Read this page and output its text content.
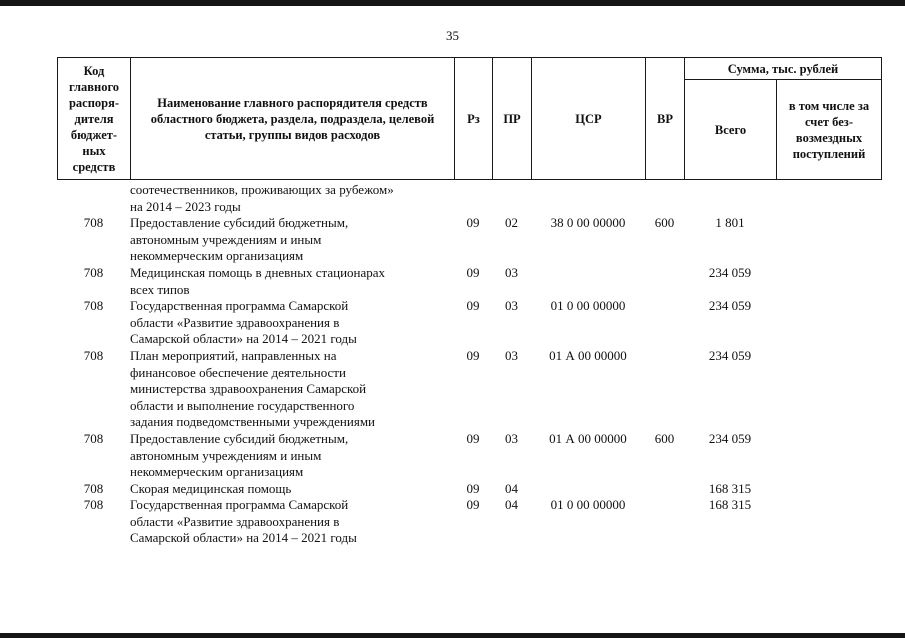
35
Код главного распоря-дителя бюджет-ных средств	Наименование главного распорядителя средств областного бюджета, раздела, подраздела, целевой статьи, группы видов расходов	Рз	ПР	ЦСР	ВР	Сумма, тыс. рублей	
						Всего	в том числе за счет без-возмездных поступлений

	соотечественников, проживающих за рубежом»
на 2014 – 2023 годы						

708	Предоставление субсидий бюджетным,
автономным учреждениям и иным
некоммерческим организациям	09	02	38 0 00 00000	600	1 801	
708	Медицинская помощь в дневных стационарах
всех типов	09	03			234 059	
708	Государственная программа Самарской
области «Развитие здравоохранения в
Самарской области» на 2014 – 2021 годы	09	03	01 0 00 00000		234 059	
708	План мероприятий, направленных на
финансовое обеспечение деятельности
министерства здравоохранения Самарской
области и выполнение государственного
задания подведомственными учреждениями	09	03	01 А 00 00000		234 059	
708	Предоставление субсидий бюджетным,
автономным учреждениям и иным
некоммерческим организациям	09	03	01 А 00 00000	600	234 059	
708	Скорая медицинская помощь	09	04			168 315	
708	Государственная программа Самарской
области «Развитие здравоохранения в
Самарской области» на 2014 – 2021 годы	09	04	01 0 00 00000		168 315	
